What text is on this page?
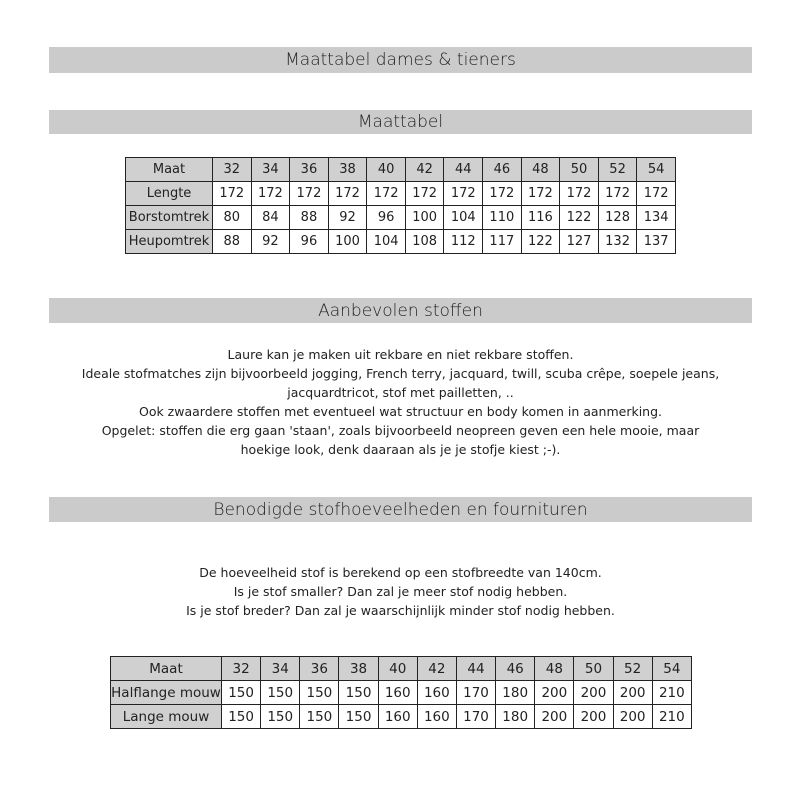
Maattabel dames & tieners
Maattabel
Maat	32	34	36	38	40	42	44	46	48	50	52	54
Lengte	172	172	172	172	172	172	172	172	172	172	172	172
Borstomtrek	80	84	88	92	96	100	104	110	116	122	128	134
Heupomtrek	88	92	96	100	104	108	112	117	122	127	132	137
Aanbevolen stoffen
Laure kan je maken uit rekbare en niet rekbare stoffen.
Ideale stofmatches zijn bijvoorbeeld jogging, French terry, jacquard, twill, scuba crêpe, soepele jeans,
jacquardtricot, stof met pailletten, ..
Ook zwaardere stoffen met eventueel wat structuur en body komen in aanmerking.
Opgelet: stoffen die erg gaan 'staan', zoals bijvoorbeeld neopreen geven een hele mooie, maar
hoekige look, denk daaraan als je je stofje kiest ;-).
Benodigde stofhoeveelheden en fournituren
De hoeveelheid stof is berekend op een stofbreedte van 140cm.
Is je stof smaller? Dan zal je meer stof nodig hebben.
Is je stof breder? Dan zal je waarschijnlijk minder stof nodig hebben.
Maat	32	34	36	38	40	42	44	46	48	50	52	54
Halflange mouw	150	150	150	150	160	160	170	180	200	200	200	210
Lange mouw	150	150	150	150	160	160	170	180	200	200	200	210
